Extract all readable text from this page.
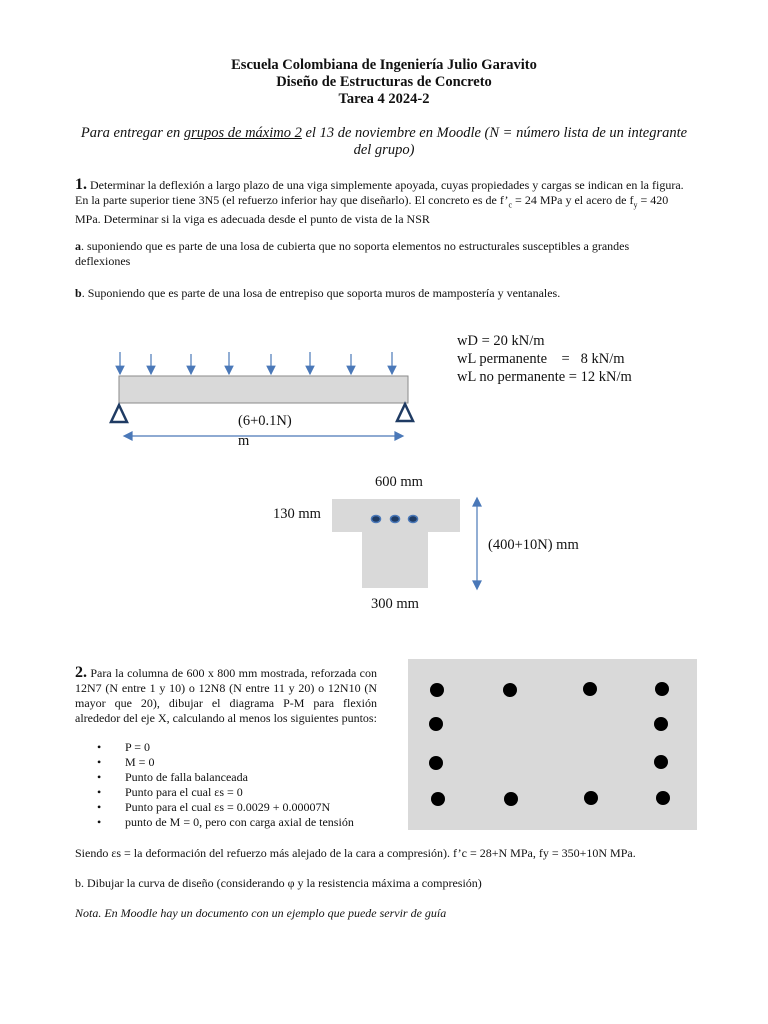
Escuela Colombiana de Ingeniería Julio Garavito
Diseño de Estructuras de Concreto
Tarea 4 2024-2
Para entregar en grupos de máximo 2 el 13 de noviembre en Moodle (N = número lista de un integrante del grupo)
1. Determinar la deflexión a largo plazo de una viga simplemente apoyada, cuyas propiedades y cargas se indican en la figura. En la parte superior tiene 3N5 (el refuerzo inferior hay que diseñarlo). El concreto es de $f’_c = 24$ MPa y el acero de $f_y = 420$ MPa. Determinar si la viga es adecuada desde el punto de vista de la NSR
a. suponiendo que es parte de una losa de cubierta que no soporta elementos no estructurales susceptibles a grandes deflexiones
b. Suponiendo que es parte de una losa de entrepiso que soporta muros de mampostería y ventanales.
(6+0.1N)
m
wD = 20 kN/m
wL permanente    =   8 kN/m
wL no permanente = 12 kN/m
600 mm
130 mm
(400+10N) mm
300 mm
2. Para la columna de 600 x 800 mm mostrada, reforzada con 12N7 (N entre 1 y 10) o 12N8 (N entre 11 y 20) o 12N10 (N mayor que 20), dibujar el diagrama P-M para flexión alrededor del eje X, calculando al menos los siguientes puntos:
• P = 0
• M = 0
• Punto de falla balanceada
• Punto para el cual εs = 0
• Punto para el cual εs = 0.0029 + 0.00007N
• punto de M = 0, pero con carga axial de tensión
Siendo εs = la deformación del refuerzo más alejado de la cara a compresión). f’c = 28+N MPa, fy = 350+10N MPa.
b. Dibujar la curva de diseño (considerando φ y la resistencia máxima a compresión)
Nota. En Moodle hay un documento con un ejemplo que puede servir de guía
